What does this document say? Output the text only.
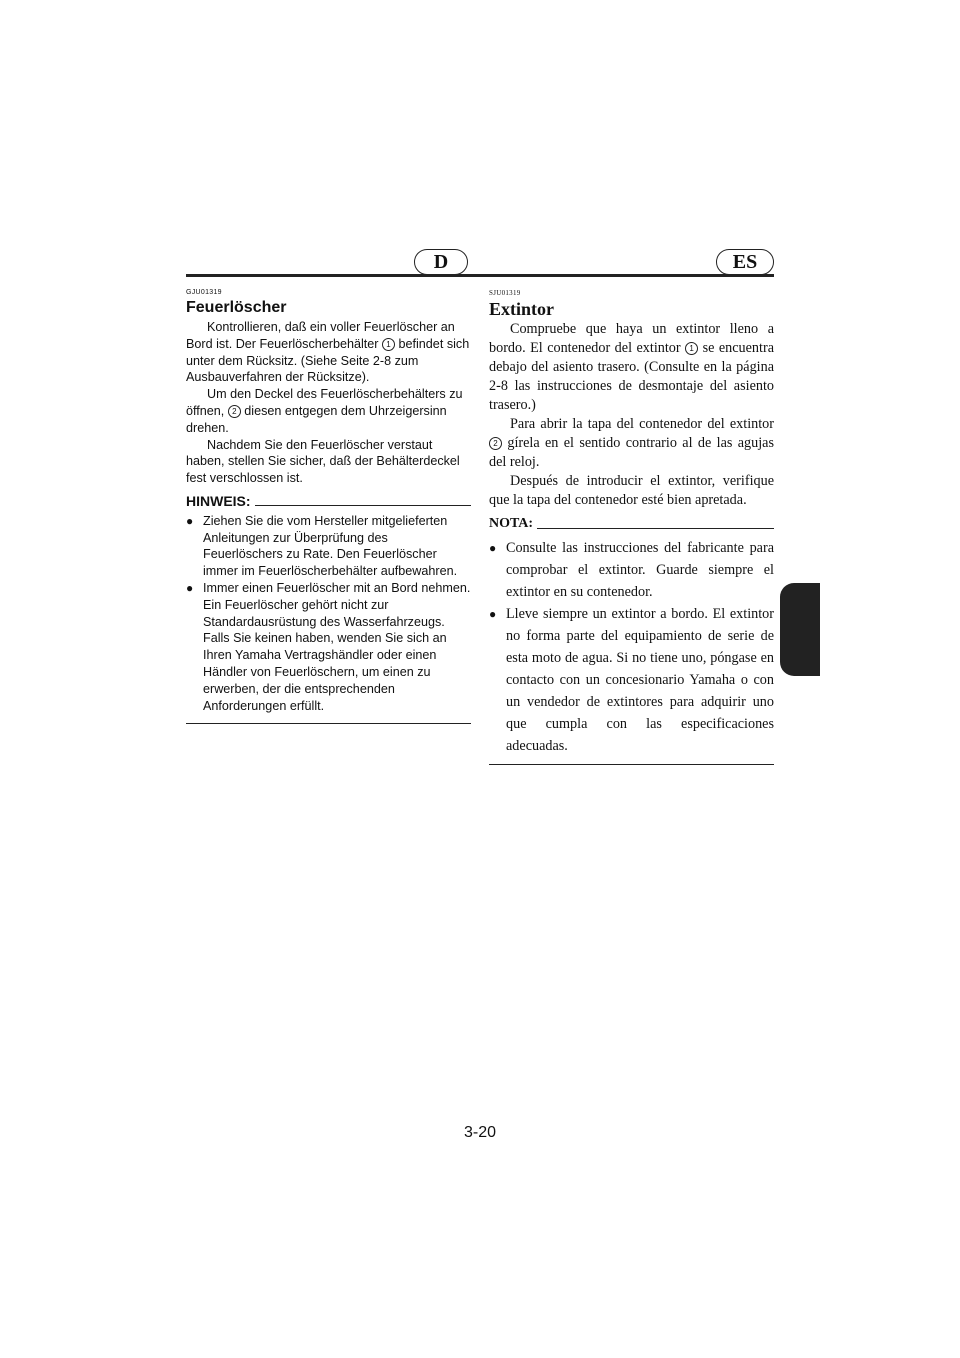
D	ES
GJU01319
Feuerlöscher

Kontrollieren, daß ein voller Feuerlöscher an Bord ist. Der Feuerlöscherbehälter 1 befindet sich unter dem Rücksitz. (Siehe Seite 2-8 zum Ausbauverfahren der Rücksitze).

Um den Deckel des Feuerlöscherbehälters zu öffnen, 2 diesen entgegen dem Uhrzeigersinn drehen.

Nachdem Sie den Feuerlöscher verstaut haben, stellen Sie sicher, daß der Behälterdeckel fest verschlossen ist.

HINWEIS:

● Ziehen Sie die vom Hersteller mitgelieferten Anleitungen zur Überprüfung des Feuerlöschers zu Rate. Den Feuerlöscher immer im Feuerlöscherbehälter aufbewahren.

● Immer einen Feuerlöscher mit an Bord nehmen. Ein Feuerlöscher gehört nicht zur Standardausrüstung des Wasserfahrzeugs. Falls Sie keinen haben, wenden Sie sich an Ihren Yamaha Vertragshändler oder einen Händler von Feuerlöschern, um einen zu erwerben, der die entsprechenden Anforderungen erfüllt.

SJU01319
Extintor

Compruebe que haya un extintor lleno a bordo. El contenedor del extintor 1 se encuentra debajo del asiento trasero. (Consulte en la página 2-8 las instrucciones de desmontaje del asiento trasero.)

Para abrir la tapa del contenedor del extintor 2 gírela en el sentido contrario al de las agujas del reloj.

Después de introducir el extintor, verifique que la tapa del contenedor esté bien apretada.

NOTA:

● Consulte las instrucciones del fabricante para comprobar el extintor. Guarde siempre el extintor en su contenedor.

● Lleve siempre un extintor a bordo. El extintor no forma parte del equipamiento de serie de esta moto de agua. Si no tiene uno, póngase en contacto con un concesionario Yamaha o con un vendedor de extintores para adquirir uno que cumpla con las especificaciones adecuadas.

3-20
